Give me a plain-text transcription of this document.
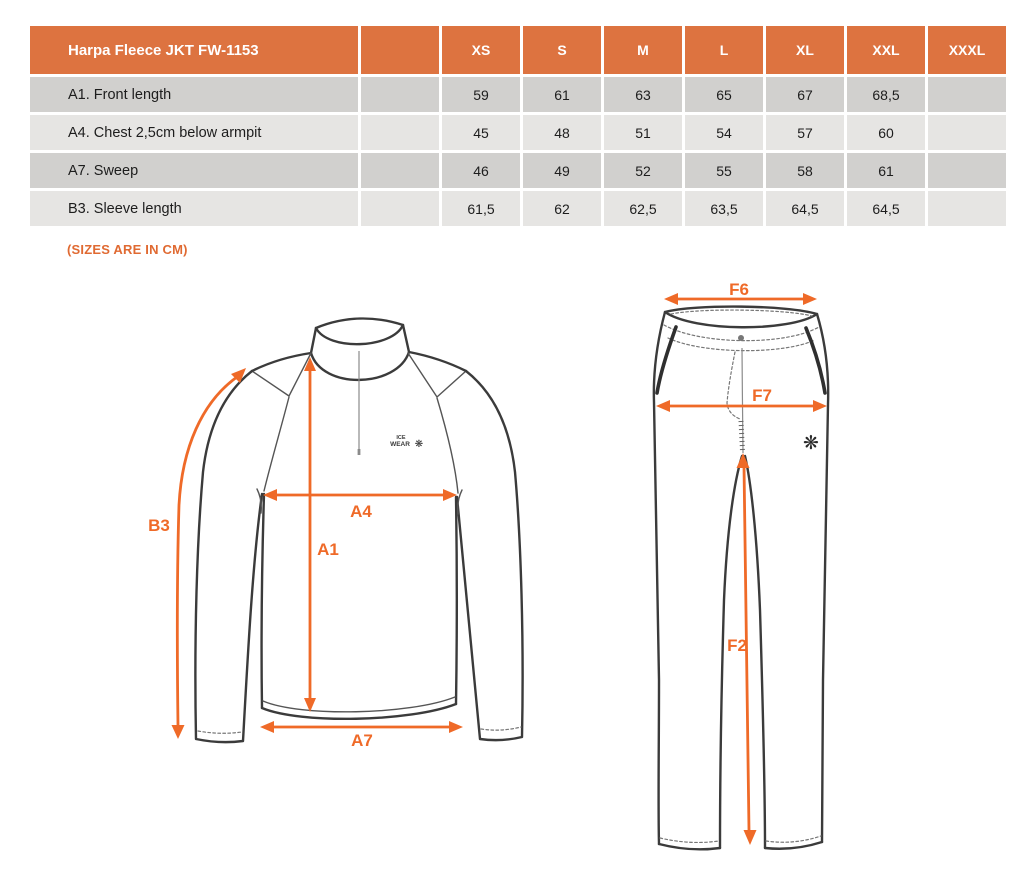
Harpa Fleece JKT FW-1153	XS	S	M	L	XL	XXL	XXXL
A1. Front length	59	61	63	65	67	68,5
A4. Chest 2,5cm below armpit	45	48	51	54	57	60
A7. Sweep	46	49	52	55	58	61
B3. Sleeve length	61,5	62	62,5	63,5	64,5	64,5
(SIZES ARE IN CM)
ICE
WEAR ❋
A4
A1
A7
B3
❋
F6
F7
F2
